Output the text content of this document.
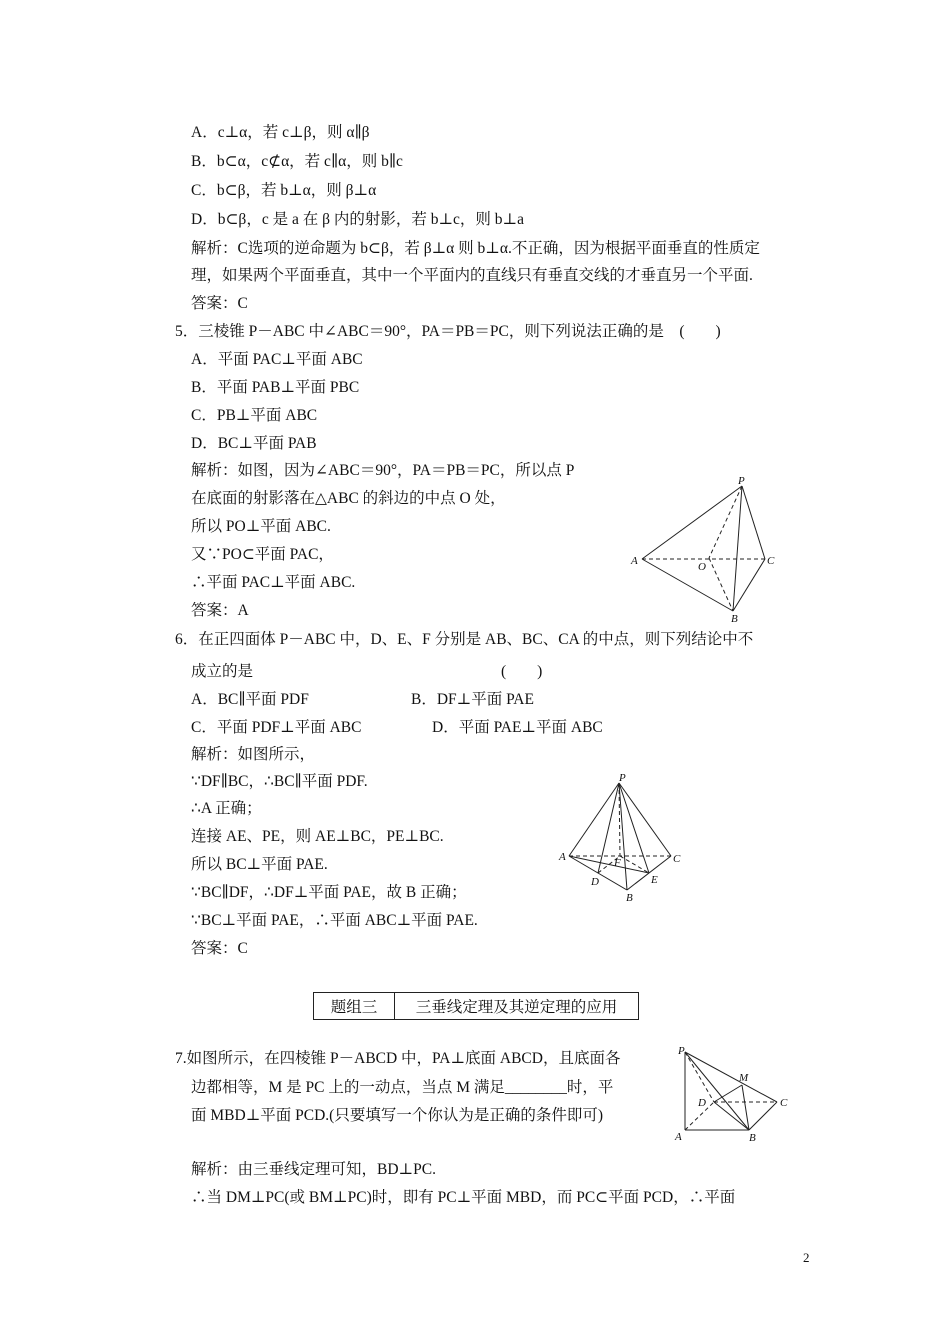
A．c⊥α，若 c⊥β，则 α∥β
B．b⊂α，c⊄α，若 c∥α，则 b∥c
C．b⊂β，若 b⊥α，则 β⊥α
D．b⊂β，c 是 a 在 β 内的射影，若 b⊥c，则 b⊥a
解析：C选项的逆命题为 b⊂β，若 β⊥α 则 b⊥α.不正确，因为根据平面垂直的性质定
理，如果两个平面垂直，其中一个平面内的直线只有垂直交线的才垂直另一个平面.
答案：C
5．三棱锥 P－ABC 中∠ABC＝90°，PA＝PB＝PC，则下列说法正确的是　(　　)
A．平面 PAC⊥平面 ABC
B．平面 PAB⊥平面 PBC
C．PB⊥平面 ABC
D．BC⊥平面 PAB
解析：如图，因为∠ABC＝90°，PA＝PB＝PC，所以点 P
在底面的射影落在△ABC 的斜边的中点 O 处，
所以 PO⊥平面 ABC.
又∵PO⊂平面 PAC，
∴平面 PAC⊥平面 ABC.
答案：A
6．在正四面体 P－ABC 中，D、E、F 分别是 AB、BC、CA 的中点，则下列结论中不
成立的是　　　　　　　　　　　　　　　　(　　)
A．BC∥平面 PDF	B．DF⊥平面 PAE
C．平面 PDF⊥平面 ABC	D．平面 PAE⊥平面 ABC
解析：如图所示，
∵DF∥BC，∴BC∥平面 PDF.
∴A 正确；
连接 AE、PE，则 AE⊥BC，PE⊥BC.
所以 BC⊥平面 PAE.
∵BC∥DF，∴DF⊥平面 PAE，故 B 正确；
∵BC⊥平面 PAE，∴平面 ABC⊥平面 PAE.
答案：C
题组三	三垂线定理及其逆定理的应用
7.如图所示，在四棱锥 P－ABCD 中，PA⊥底面 ABCD，且底面各
边都相等，M 是 PC 上的一动点，当点 M 满足________时，平
面 MBD⊥平面 PCD.(只要填写一个你认为是正确的条件即可)
解析：由三垂线定理可知，BD⊥PC.
∴当 DM⊥PC(或 BM⊥PC)时，即有 PC⊥平面 MBD，而 PC⊂平面 PCD，∴平面
P
A
B
C
O
P
A
B
C
D	E
F
P
A	B
C
D
M
2
